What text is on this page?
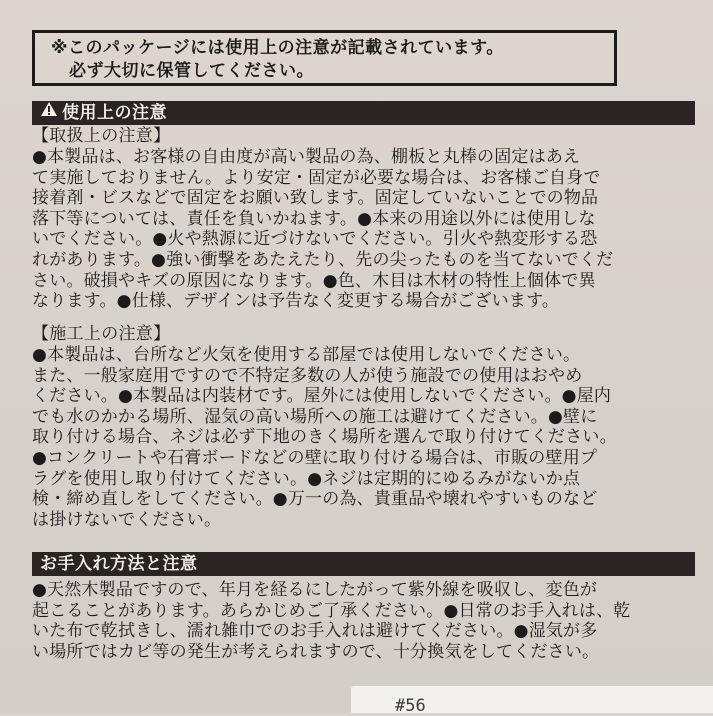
※このパッケージには使用上の注意が記載されています。
必ず大切に保管してください。
使用上の注意
【取扱上の注意】
●本製品は、お客様の自由度が高い製品の為、棚板と丸棒の固定はあえ
て実施しておりません。より安定・固定が必要な場合は、お客様ご自身で
接着剤・ビスなどで固定をお願い致します。固定していないことでの物品
落下等については、責任を負いかねます。●本来の用途以外には使用しな
いでください。●火や熱源に近づけないでください。引火や熱変形する恐
れがあります。●強い衝撃をあたえたり、先の尖ったものを当てないでくだ
さい。破損やキズの原因になります。●色、木目は木材の特性上個体で異
なります。●仕様、デザインは予告なく変更する場合がございます。
【施工上の注意】
●本製品は、台所など火気を使用する部屋では使用しないでください。
また、一般家庭用ですので不特定多数の人が使う施設での使用はおやめ
ください。●本製品は内装材です。屋外には使用しないでください。●屋内
でも水のかかる場所、湿気の高い場所への施工は避けてください。●壁に
取り付ける場合、ネジは必ず下地のきく場所を選んで取り付けてください。
●コンクリートや石膏ボードなどの壁に取り付ける場合は、市販の壁用プ
ラグを使用し取り付けてください。●ネジは定期的にゆるみがないか点
検・締め直しをしてください。●万一の為、貴重品や壊れやすいものなど
は掛けないでください。
お手入れ方法と注意
●天然木製品ですので、年月を経るにしたがって紫外線を吸収し、変色が
起こることがあります。あらかじめご了承ください。●日常のお手入れは、乾
いた布で乾拭きし、濡れ雑巾でのお手入れは避けてください。●湿気が多
い場所ではカビ等の発生が考えられますので、十分換気をしてください。
#56
